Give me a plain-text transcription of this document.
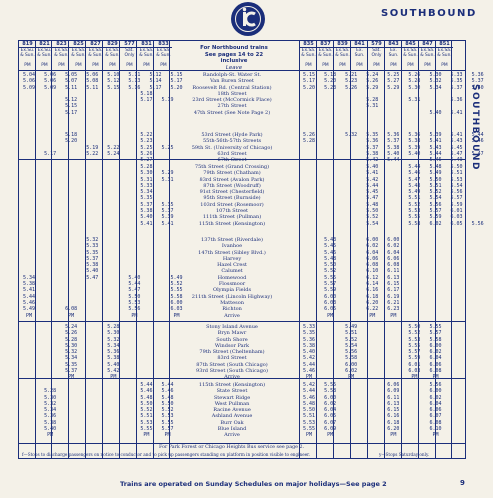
SOUTHBOUND
SOUTHBOUND
For Northbound trains
See pages 14 to 22
inclusive
Leave
819
Ex.Su. & Sun.
PM
821
Ex.Su. & Sun.
PM
823
Ex.Sa. & Sun.
PM
825
Ex.Sa. & Sun.
PM
827
Ex.Sa. & Sun.
PM
829
Ex.Sa. & Sun.
PM
577
Sat. Only
PM
831
Ex.Sa. & Sun.
PM
833
Ex.Sa. & Sun.
PM
835
Ex.Sa. & Sun.
PM
837
Ex.Sa. & Sun.
PM
839
Ex.Sa. & Sun.
PM
841
Ex. Sun.
PM
579
Sat. Only
PM
843
Ex. Sun.
PM
845
Ex.Sa. & Sun.
PM
847
Ex.Sa. & Sun.
PM
851
Ex.Sa. & Sun.
PM
Randolph-St. Water St.
Van Buren Street
Roosevelt Rd. (Central Station)
18th Street
23rd Street (McCormick Place)
27th Street
47th Street (See Note Page 2)
53rd Street (Hyde Park)
55th-56th-57th Streets
59th St. (University of Chicago)
63rd Street
67th Street
75th Street (Grand Crossing)
79th Street (Chatham)
83rd Street (Avalon Park)
87th Street (Woodruff)
91st Street (Chesterfield)
95th Street (Burnside)
103rd Street (Rosemoor)
107th Street
111th Street (Pullman)
115th Street (Kensington)
137th Street (Riverdale)
Ivanhoe
147th Street (Sibley Blvd.)
Harvey
Hazel Crest
Calumet
Homewood
Flossmoor
Olympia Fields
211th Street (Lincoln Highway)
Matteson
Richton
Arrive
Stony Island Avenue
Bryn Mawr
South Shore
Windsor Park
79th Street (Cheltenham)
83rd Street
87th Street (South Chicago)
93rd Street (South Chicago)
Arrive
115th Street (Kensington)
State Street
Stewart Ridge
West Pullman
Racine Avenue
Ashland Avenue
Burr Oak
Blue Island
Arrive
5.04   5.06   5.05   5.06   5.10   5.11   5.12   5.15
5.06   5.06   5.07   5.08   5.12   5.13   5.14   5.17
5.09   5.09   5.11   5.11   5.15   5.16   5.17   5.20
5.18
5.12                     5.17   5.19
5.15
5.17
5.18                     5.22
5.20                     5.23
5.19   5.22       5.25   5.25
5.17          5.22   5.24       5.26
5.27
5.28
5.30   5.29
5.31   5.31
5.33
5.34
5.35
5.37   5.35
5.38   5.37
5.40   5.39
5.41   5.41
5.32
5.33
5.35
5.37
5.38
5.40
5.34                 5.47          5.40          5.49
5.38                               5.44          5.52
5.41                               5.47          5.55
5.44                               5.50          5.58
5.46                               5.53          6.00
5.49          6.08                 5.56          6.03
PM            PM                   PM            PM
5.24          5.28
5.26          5.30
5.28          5.32
5.30          5.34
5.32          5.36
5.34          5.38
5.35          5.40
5.37          5.42
PM            PM
5.44   5.44
5.28                            5.46   5.46
5.30                            5.48   5.48
5.32                            5.50   5.50
5.34                            5.52   5.52
5.36                            5.51   5.53
5.38                            5.53   5.55
5.40                            5.55   5.57
PM                              PM     PM
5.15   5.18   5.21   5.24   5.25   5.26   5.30   5.33   5.36
5.17   5.20   5.23   5.26   5.27   5.28   5.32   5.35   5.37
5.20   5.23   5.26   5.29   5.29   5.30   5.34   5.37   5.40

5.28          5.31          5.36
5.31
5.40   5.41
5.26          5.32   5.35   5.36   5.36   5.39   5.41   5.44
5.28                 5.36   5.37   5.38   5.41   5.43   5.46
5.37   5.38   5.39   5.43   5.45
5.38   5.40   5.40   5.44   5.47   5.47
5.42   5.44          5.46   5.49
5.40          5.44   5.48   5.50
5.41          5.46   5.49   5.51
5.42          5.47   5.50   5.53
5.44          5.48   5.51   5.54
5.45          5.49   5.52   5.56
5.47          5.51   5.54   5.57
5.48          5.52   5.56   5.59
5.50          5.53   5.57   6.01
5.52          5.55   5.59   6.03
5.54          5.58   6.02   6.05   5.56
5.43          6.00   6.00
5.45          6.02   6.02
5.46          6.04   6.04
5.48          6.06   6.06
5.50          6.08   6.08
5.52          6.10   6.11
5.55          6.12   6.13
5.57          6.14   6.15
5.59          6.16   6.17
6.00          6.18   6.19
6.03          6.20   6.21
6.05          6.22   6.23
PM            PM     PM
5.33          5.49                 5.50   5.55
5.35          5.51                 5.52   5.57
5.36          5.52                 5.53   5.58
5.38          5.54                 5.55   6.00
5.40          5.56                 5.57   6.02
5.42          5.58                 5.59   6.04
5.44          6.00                 6.01   6.06
5.46          6.02                 6.03   6.08
PM            PM                   PM     PM
5.42   5.55                 6.06          5.56
5.44   5.58                 6.09          6.00
5.46   6.00                 6.11          6.02
5.48   6.02                 6.13          6.04
5.50   6.04                 6.15          6.06
5.51   6.05                 6.16          6.07
5.53   6.07                 6.18          6.08
5.55   6.09                 6.20          6.10
PM     PM                   PM            PM
For Park Forest or Chicago Heights Bus service see page 2.
f—Stops to discharge passengers on notice to conductor and to pick up passengers standing on platform in position visible to engineer.	y—Stops Saturday only.
Trains are operated on Sunday Schedules on major holidays—See page 2	9
